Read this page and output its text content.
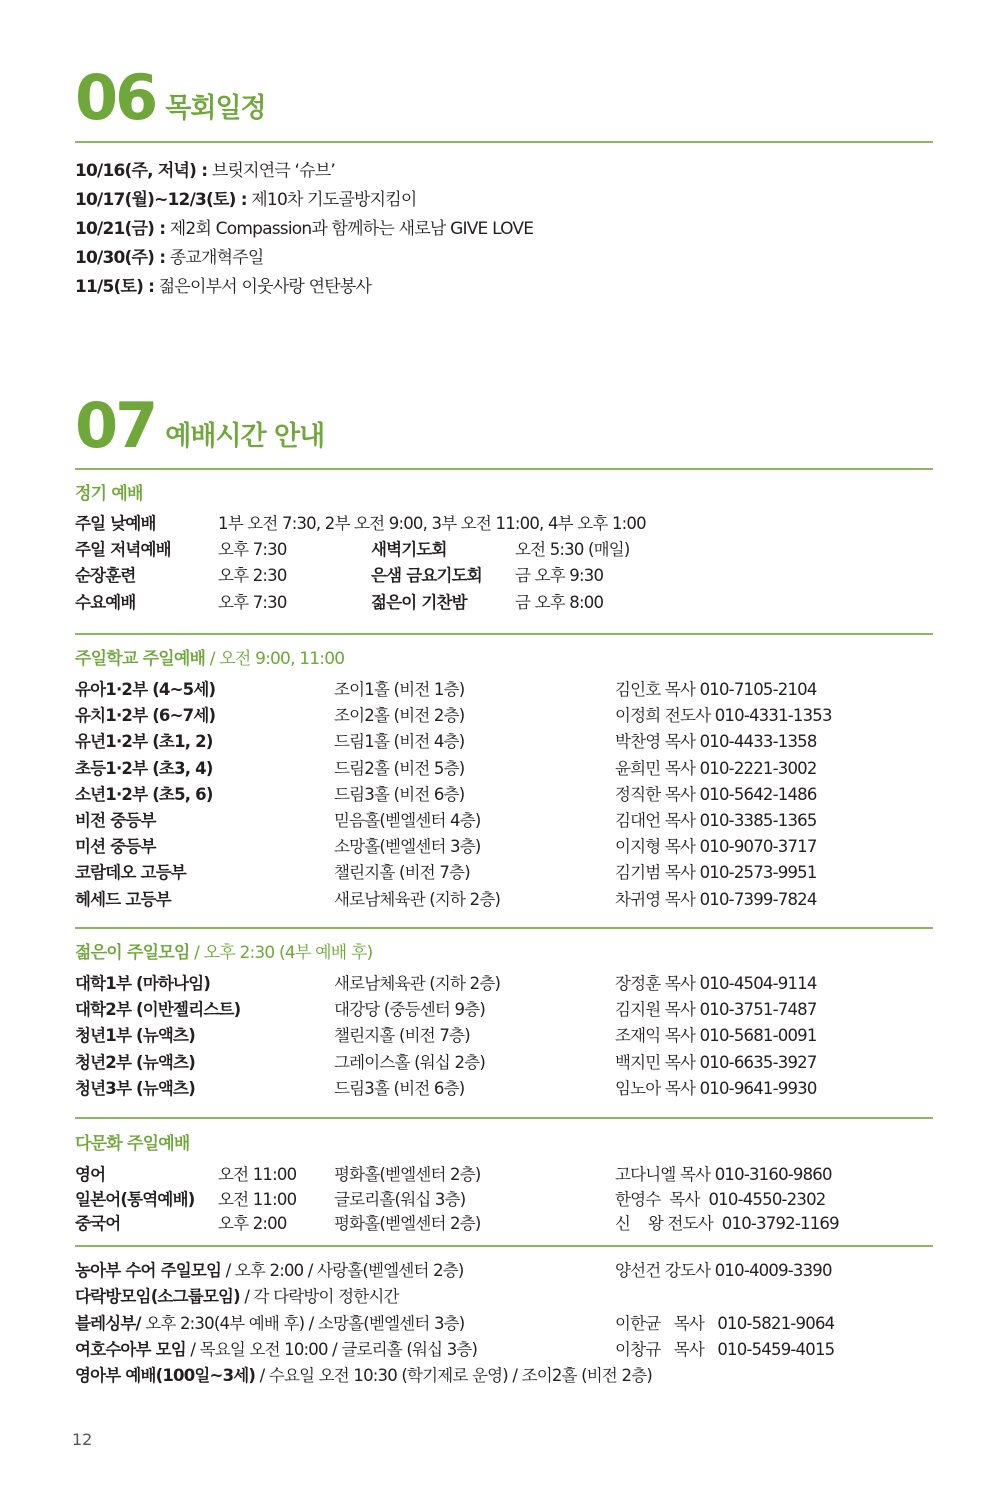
06 목회일정
10/16(주, 저녁) : 브릿지연극 ‘슈브’
10/17(월)~12/3(토) : 제10차 기도골방지킴이
10/21(금) : 제2회 Compassion과 함께하는 새로남 GIVE LOVE
10/30(주) : 종교개혁주일
11/5(토) : 젊은이부서 이웃사랑 연탄봉사
07 예배시간 안내
정기 예배
주일 낮예배	1부 오전 7:30, 2부 오전 9:00, 3부 오전 11:00, 4부 오후 1:00
주일 저녁예배	오후 7:30	새벽기도회	오전 5:30 (매일)
순장훈련	오후 2:30	은샘 금요기도회 금 오후 9:30
수요예배	오후 7:30	젊은이 기찬밤	금 오후 8:00
주일학교 주일예배 / 오전 9:00, 11:00
유아1·2부 (4~5세)	조이1홀 (비전 1층)	김인호 목사 010-7105-2104
유치1·2부 (6~7세)	조이2홀 (비전 2층)	이정희 전도사 010-4331-1353
유년1·2부 (초1, 2)	드림1홀 (비전 4층)	박찬영 목사 010-4433-1358
초등1·2부 (초3, 4)	드림2홀 (비전 5층)	윤희민 목사 010-2221-3002
소년1·2부 (초5, 6)	드림3홀 (비전 6층)	정직한 목사 010-5642-1486
비전 중등부	믿음홀(벧엘센터 4층)	김대언 목사 010-3385-1365
미션 중등부	소망홀(벧엘센터 3층)	이지형 목사 010-9070-3717
코람데오 고등부	챌린지홀 (비전 7층)	김기범 목사 010-2573-9951
헤세드 고등부	새로남체육관 (지하 2층)	차귀영 목사 010-7399-7824
젊은이 주일모임 / 오후 2:30 (4부 예배 후)
대학1부 (마하나임)	새로남체육관 (지하 2층)	장정훈 목사 010-4504-9114
대학2부 (이반젤리스트)	대강당 (중등센터 9층)	김지원 목사 010-3751-7487
청년1부 (뉴액츠)	챌린지홀 (비전 7층)	조재익 목사 010-5681-0091
청년2부 (뉴액츠)	그레이스홀 (워십 2층)	백지민 목사 010-6635-3927
청년3부 (뉴액츠)	드림3홀 (비전 6층)	임노아 목사 010-9641-9930
다문화 주일예배
영어	오전 11:00 평화홀(벧엘센터 2층)	고다니엘 목사 010-3160-9860
일본어(통역예배) 오전 11:00 글로리홀(워십 3층)	한영수  목사  010-4550-2302
중국어	오후 2:00	평화홀(벧엘센터 2층)	신    왕 전도사  010-3792-1169
농아부 수어 주일모임 / 오후 2:00 / 사랑홀(벧엘센터 2층)	양선건 강도사 010-4009-3390
다락방모임(소그룹모임) / 각 다락방이 정한시간
블레싱부/ 오후 2:30(4부 예배 후) / 소망홀(벧엘센터 3층)	이한균   목사   010-5821-9064
여호수아부 모임 / 목요일 오전 10:00 / 글로리홀 (워십 3층)	이창규   목사   010-5459-4015
영아부 예배(100일~3세) / 수요일 오전 10:30 (학기제로 운영) / 조이2홀 (비전 2층)
12
